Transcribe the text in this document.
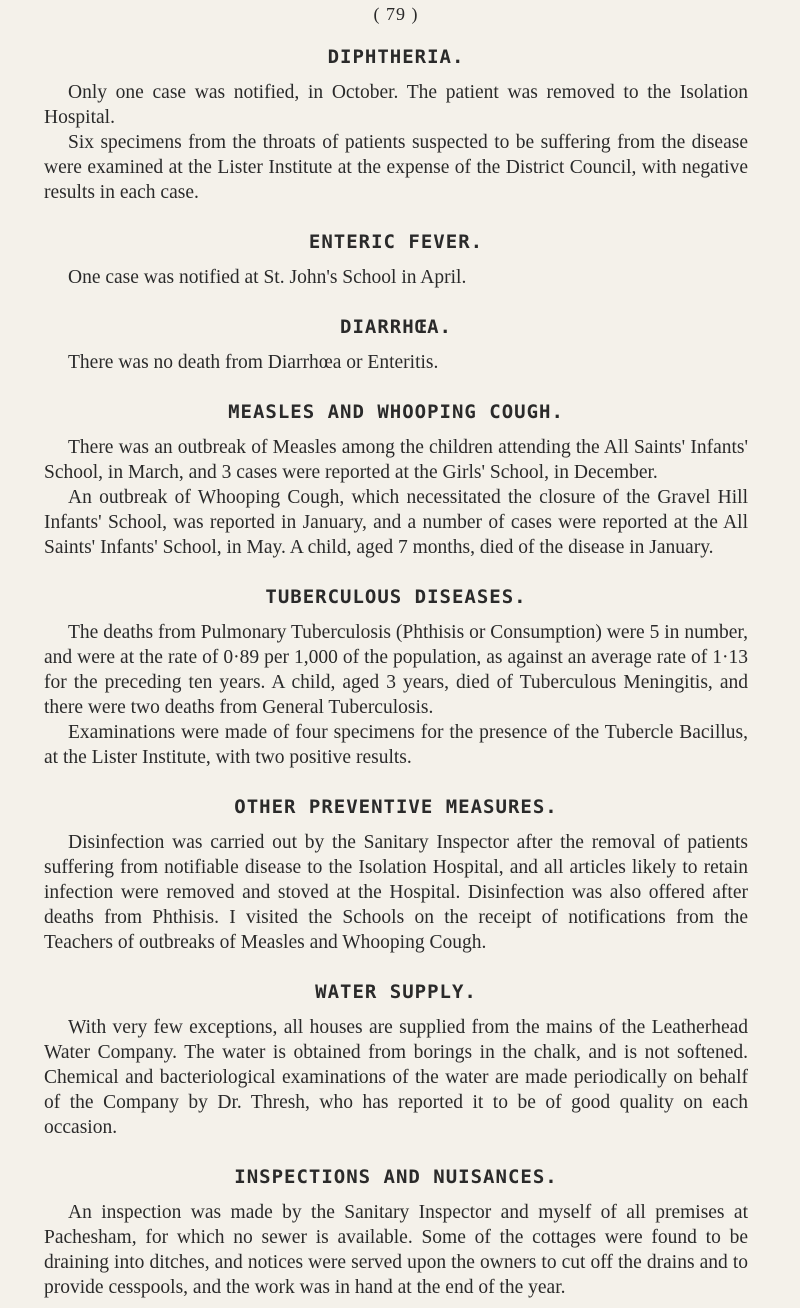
( 79 )
DIPHTHERIA.

Only one case was notified, in October. The patient was removed to the Isolation Hospital.

Six specimens from the throats of patients suspected to be suffering from the disease were examined at the Lister Institute at the expense of the District Council, with negative results in each case.

ENTERIC FEVER.

One case was notified at St. John's School in April.

DIARRHŒA.

There was no death from Diarrhœa or Enteritis.

MEASLES AND WHOOPING COUGH.

There was an outbreak of Measles among the children attending the All Saints' Infants' School, in March, and 3 cases were reported at the Girls' School, in December.

An outbreak of Whooping Cough, which necessitated the closure of the Gravel Hill Infants' School, was reported in January, and a number of cases were reported at the All Saints' Infants' School, in May. A child, aged 7 months, died of the disease in January.

TUBERCULOUS DISEASES.

The deaths from Pulmonary Tuberculosis (Phthisis or Consumption) were 5 in number, and were at the rate of 0·89 per 1,000 of the population, as against an average rate of 1·13 for the preceding ten years. A child, aged 3 years, died of Tuberculous Meningitis, and there were two deaths from General Tuberculosis.

Examinations were made of four specimens for the presence of the Tubercle Bacillus, at the Lister Institute, with two positive results.

OTHER PREVENTIVE MEASURES.

Disinfection was carried out by the Sanitary Inspector after the removal of patients suffering from notifiable disease to the Isolation Hospital, and all articles likely to retain infection were removed and stoved at the Hospital. Disinfection was also offered after deaths from Phthisis. I visited the Schools on the receipt of notifications from the Teachers of outbreaks of Measles and Whooping Cough.

WATER SUPPLY.

With very few exceptions, all houses are supplied from the mains of the Leatherhead Water Company. The water is obtained from borings in the chalk, and is not softened. Chemical and bacteriological examinations of the water are made periodically on behalf of the Company by Dr. Thresh, who has reported it to be of good quality on each occasion.

INSPECTIONS AND NUISANCES.

An inspection was made by the Sanitary Inspector and myself of all premises at Pachesham, for which no sewer is available. Some of the cottages were found to be draining into ditches, and notices were served upon the owners to cut off the drains and to provide cesspools, and the work was in hand at the end of the year.
